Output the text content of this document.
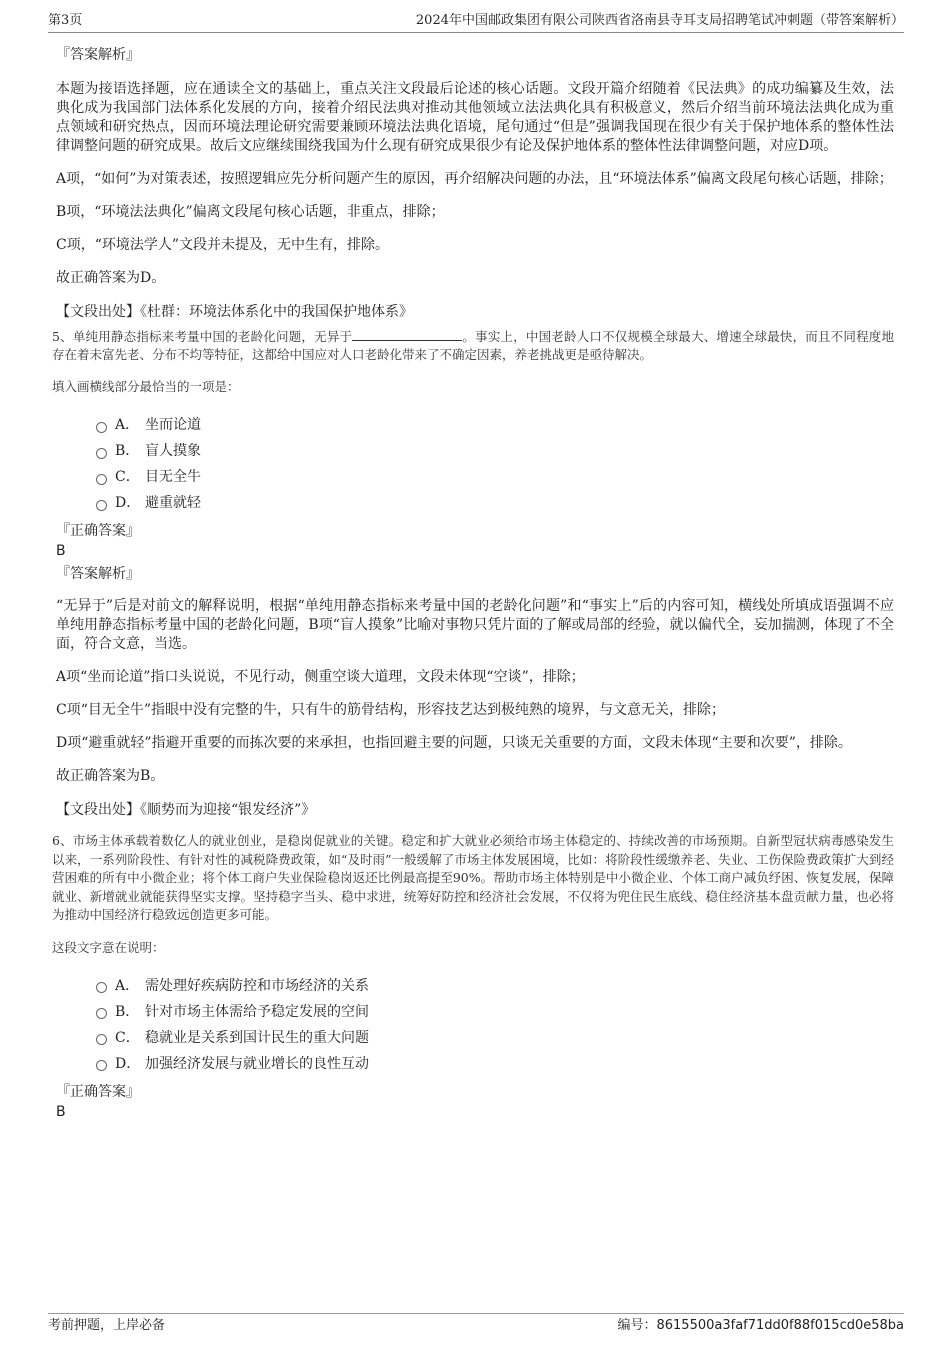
第3页	2024年中国邮政集团有限公司陕西省洛南县寺耳支局招聘笔试冲刺题（带答案解析）

『答案解析』

本题为接语选择题，应在通读全文的基础上，重点关注文段最后论述的核心话题。文段开篇介绍随着《民法典》的成功编纂及生效，法典化成为我国部门法体系化发展的方向，接着介绍民法典对推动其他领域立法法典化具有积极意义，然后介绍当前环境法法典化成为重点领域和研究热点，因而环境法理论研究需要兼顾环境法法典化语境，尾句通过“但是”强调我国现在很少有关于保护地体系的整体性法律调整问题的研究成果。故后文应继续围绕我国为什么现有研究成果很少有论及保护地体系的整体性法律调整问题，对应D项。

A项，“如何”为对策表述，按照逻辑应先分析问题产生的原因，再介绍解决问题的办法，且“环境法体系”偏离文段尾句核心话题，排除；

B项，“环境法法典化”偏离文段尾句核心话题，非重点，排除；

C项，“环境法学人”文段并未提及，无中生有，排除。

故正确答案为D。

【文段出处】《杜群：环境法体系化中的我国保护地体系》

5、单纯用静态指标来考量中国的老龄化问题，无异于	。事实上，中国老龄人口不仅规模全球最大、增速全球最快，而且不同程度地存在着未富先老、分布不均等特征，这都给中国应对人口老龄化带来了不确定因素，养老挑战更是亟待解决。

填入画横线部分最恰当的一项是：

A． 坐而论道
B． 盲人摸象
C． 目无全牛
D． 避重就轻

『正确答案』

B

『答案解析』

“无异于”后是对前文的解释说明，根据“单纯用静态指标来考量中国的老龄化问题”和“事实上”后的内容可知，横线处所填成语强调不应单纯用静态指标考量中国的老龄化问题，B项“盲人摸象”比喻对事物只凭片面的了解或局部的经验，就以偏代全，妄加揣测，体现了不全面，符合文意，当选。

A项“坐而论道”指口头说说，不见行动，侧重空谈大道理，文段未体现“空谈”，排除；

C项“目无全牛”指眼中没有完整的牛，只有牛的筋骨结构，形容技艺达到极纯熟的境界，与文意无关，排除；

D项“避重就轻”指避开重要的而拣次要的来承担，也指回避主要的问题，只谈无关重要的方面，文段未体现“主要和次要”，排除。

故正确答案为B。

【文段出处】《顺势而为迎接“银发经济”》

6、市场主体承载着数亿人的就业创业，是稳岗促就业的关键。稳定和扩大就业必须给市场主体稳定的、持续改善的市场预期。自新型冠状病毒感染发生以来，一系列阶段性、有针对性的减税降费政策，如“及时雨”一般缓解了市场主体发展困境，比如：将阶段性缓缴养老、失业、工伤保险费政策扩大到经营困难的所有中小微企业；将个体工商户失业保险稳岗返还比例最高提至90%。帮助市场主体特别是中小微企业、个体工商户减负纾困、恢复发展，保障就业、新增就业就能获得坚实支撑。坚持稳字当头、稳中求进，统筹好防控和经济社会发展，不仅将为兜住民生底线、稳住经济基本盘贡献力量，也必将为推动中国经济行稳致远创造更多可能。

这段文字意在说明：

A． 需处理好疾病防控和市场经济的关系
B． 针对市场主体需给予稳定发展的空间
C． 稳就业是关系到国计民生的重大问题
D． 加强经济发展与就业增长的良性互动

『正确答案』

B

考前押题，上岸必备	编号：8615500a3faf71dd0f88f015cd0e58ba
